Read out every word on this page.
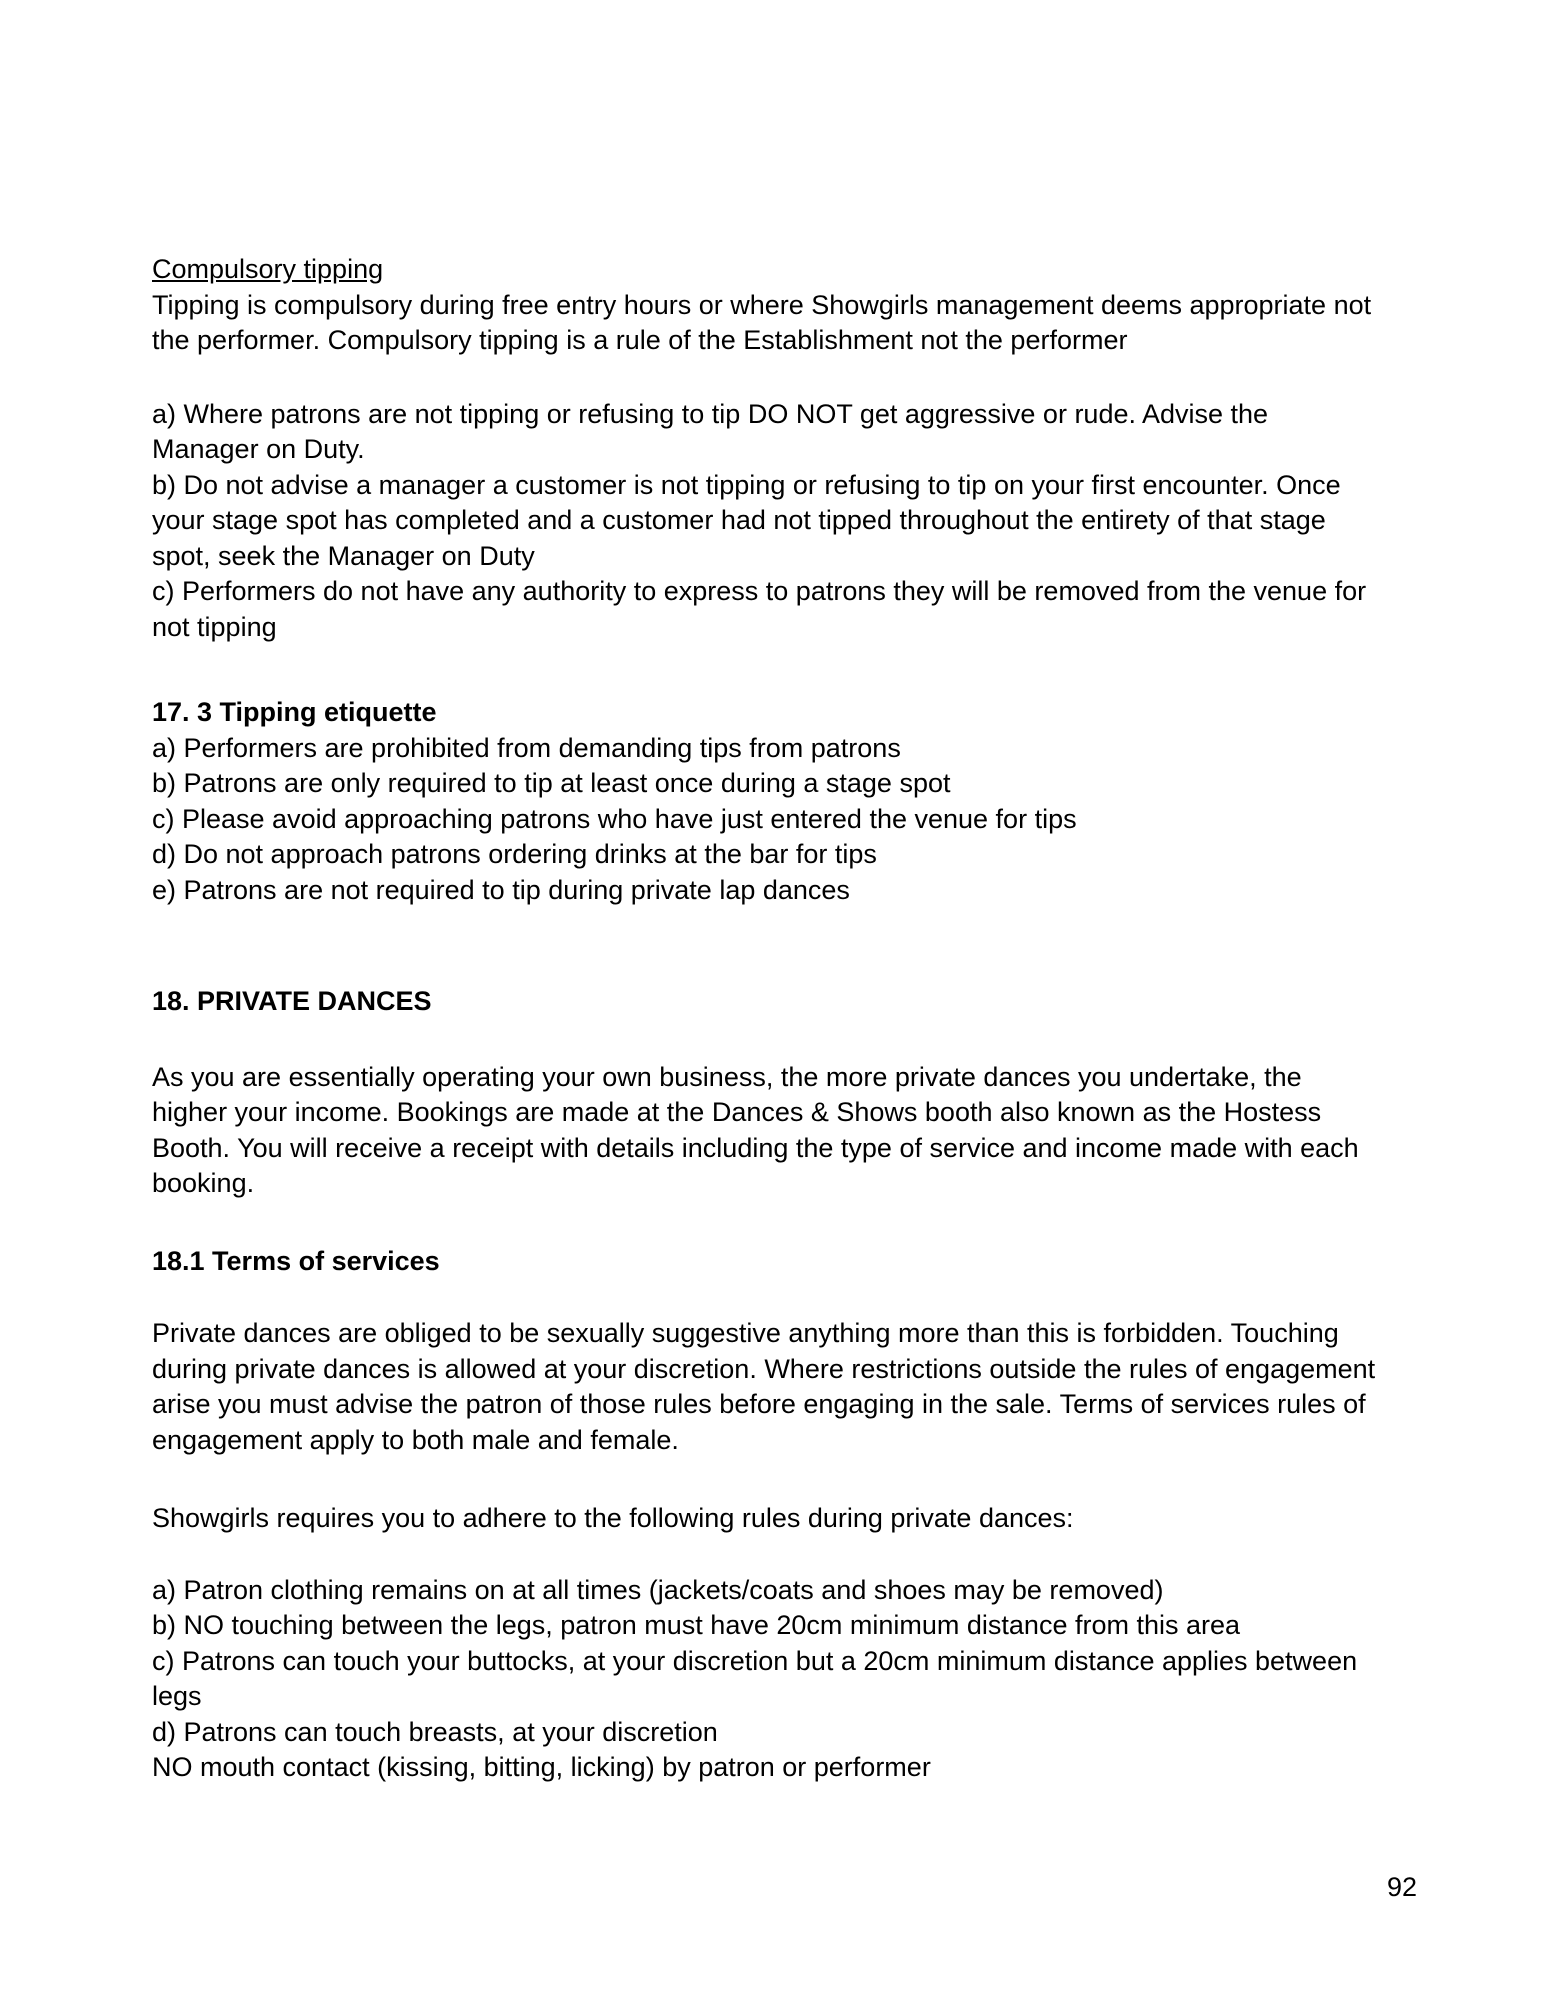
Compulsory tipping
Tipping is compulsory during free entry hours or where Showgirls management deems appropriate not
the performer. Compulsory tipping is a rule of the Establishment not the performer
a) Where patrons are not tipping or refusing to tip DO NOT get aggressive or rude. Advise the
Manager on Duty.
b) Do not advise a manager a customer is not tipping or refusing to tip on your first encounter. Once
your stage spot has completed and a customer had not tipped throughout the entirety of that stage
spot, seek the Manager on Duty
c) Performers do not have any authority to express to patrons they will be removed from the venue for
not tipping
17. 3 Tipping etiquette
a) Performers are prohibited from demanding tips from patrons
b) Patrons are only required to tip at least once during a stage spot
c) Please avoid approaching patrons who have just entered the venue for tips
d) Do not approach patrons ordering drinks at the bar for tips
e) Patrons are not required to tip during private lap dances
18. PRIVATE DANCES
As you are essentially operating your own business, the more private dances you undertake, the
higher your income. Bookings are made at the Dances & Shows booth also known as the Hostess
Booth. You will receive a receipt with details including the type of service and income made with each
booking.
18.1 Terms of services
Private dances are obliged to be sexually suggestive anything more than this is forbidden. Touching
during private dances is allowed at your discretion. Where restrictions outside the rules of engagement
arise you must advise the patron of those rules before engaging in the sale. Terms of services rules of
engagement apply to both male and female.
Showgirls requires you to adhere to the following rules during private dances:
a) Patron clothing remains on at all times (jackets/coats and shoes may be removed)
b) NO touching between the legs, patron must have 20cm minimum distance from this area
c) Patrons can touch your buttocks, at your discretion but a 20cm minimum distance applies between
legs
d) Patrons can touch breasts, at your discretion
NO mouth contact (kissing, bitting, licking) by patron or performer
92
